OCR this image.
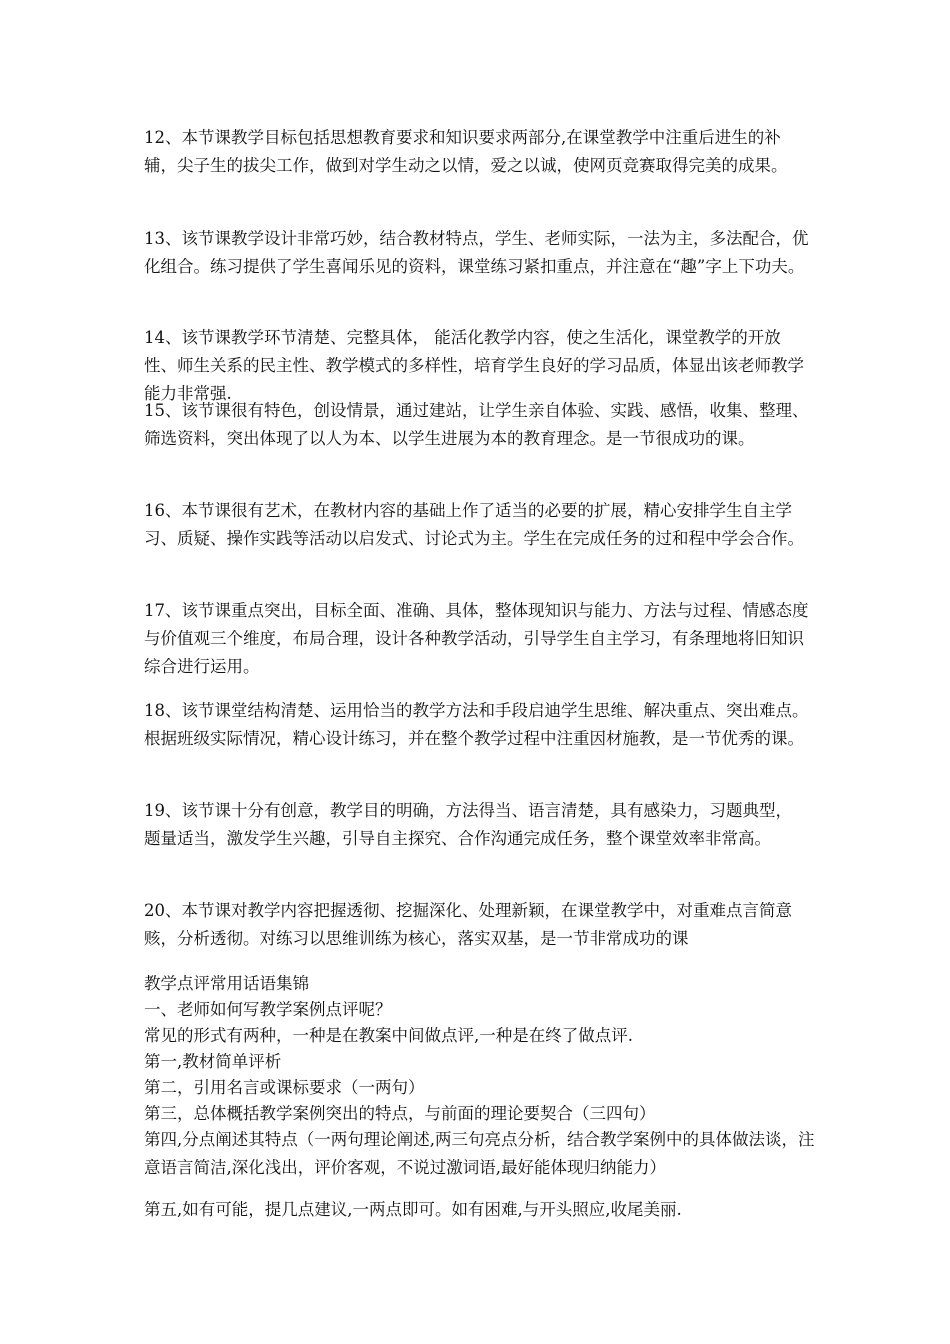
12、本节课教学目标包括思想教育要求和知识要求两部分,在课堂教学中注重后进生的补辅，尖子生的拔尖工作，做到对学生动之以情，爱之以诚，使网页竞赛取得完美的成果。
13、该节课教学设计非常巧妙，结合教材特点，学生、老师实际，一法为主，多法配合，优化组合。练习提供了学生喜闻乐见的资料，课堂练习紧扣重点，并注意在“趣”字上下功夫。
14、该节课教学环节清楚、完整具体， 能活化教学内容，使之生活化，课堂教学的开放性、师生关系的民主性、教学模式的多样性，培育学生良好的学习品质，体显出该老师教学能力非常强.
15、该节课很有特色，创设情景，通过建站，让学生亲自体验、实践、感悟，收集、整理、筛选资料，突出体现了以人为本、以学生进展为本的教育理念。是一节很成功的课。
16、本节课很有艺术，在教材内容的基础上作了适当的必要的扩展，精心安排学生自主学习、质疑、操作实践等活动以启发式、讨论式为主。学生在完成任务的过和程中学会合作。
17、该节课重点突出，目标全面、准确、具体，整体现知识与能力、方法与过程、情感态度与价值观三个维度，布局合理，设计各种教学活动，引导学生自主学习，有条理地将旧知识综合进行运用。
18、该节课堂结构清楚、运用恰当的教学方法和手段启迪学生思维、解决重点、突出难点。根据班级实际情况，精心设计练习，并在整个教学过程中注重因材施教，是一节优秀的课。
19、该节课十分有创意，教学目的明确，方法得当、语言清楚，具有感染力，习题典型， 题量适当，激发学生兴趣，引导自主探究、合作沟通完成任务，整个课堂效率非常高。
20、本节课对教学内容把握透彻、挖掘深化、处理新颖，在课堂教学中，对重难点言简意赅，分析透彻。对练习以思维训练为核心，落实双基，是一节非常成功的课
教学点评常用话语集锦
一、老师如何写教学案例点评呢？
常见的形式有两种，一种是在教案中间做点评,一种是在终了做点评.
第一,教材简单评析
第二，引用名言或课标要求（一两句）
第三，总体概括教学案例突出的特点，与前面的理论要契合（三四句）
第四,分点阐述其特点（一两句理论阐述,两三句亮点分析，结合教学案例中的具体做法谈，注意语言简洁,深化浅出，评价客观，不说过激词语,最好能体现归纳能力）
第五,如有可能，提几点建议,一两点即可。如有困难,与开头照应,收尾美丽.
